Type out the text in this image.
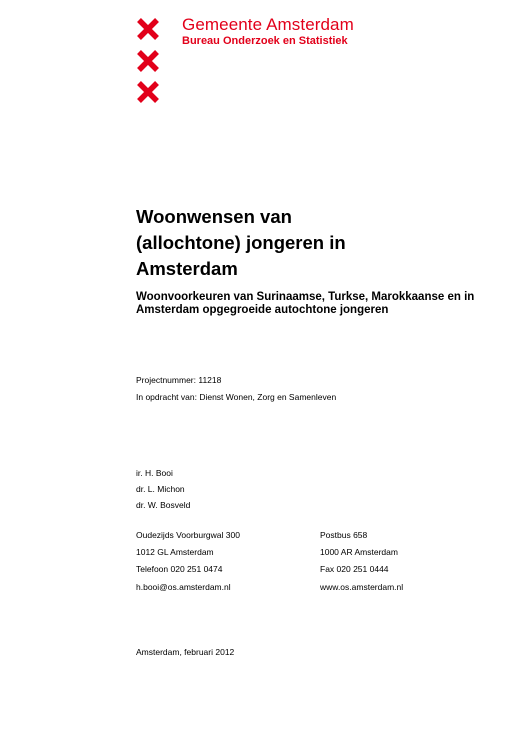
Gemeente Amsterdam
Bureau Onderzoek en Statistiek
Woonwensen van
(allochtone) jongeren in
Amsterdam
Woonvoorkeuren van Surinaamse, Turkse, Marokkaanse en in
Amsterdam opgegroeide autochtone jongeren
Projectnummer: 11218
In opdracht van: Dienst Wonen, Zorg en Samenleven
ir. H. Booi
dr. L. Michon
dr. W. Bosveld
Oudezijds Voorburgwal 300
1012 GL Amsterdam
Telefoon 020 251 0474
h.booi@os.amsterdam.nl
Postbus 658
1000 AR Amsterdam
Fax 020 251 0444
www.os.amsterdam.nl
Amsterdam, februari 2012
